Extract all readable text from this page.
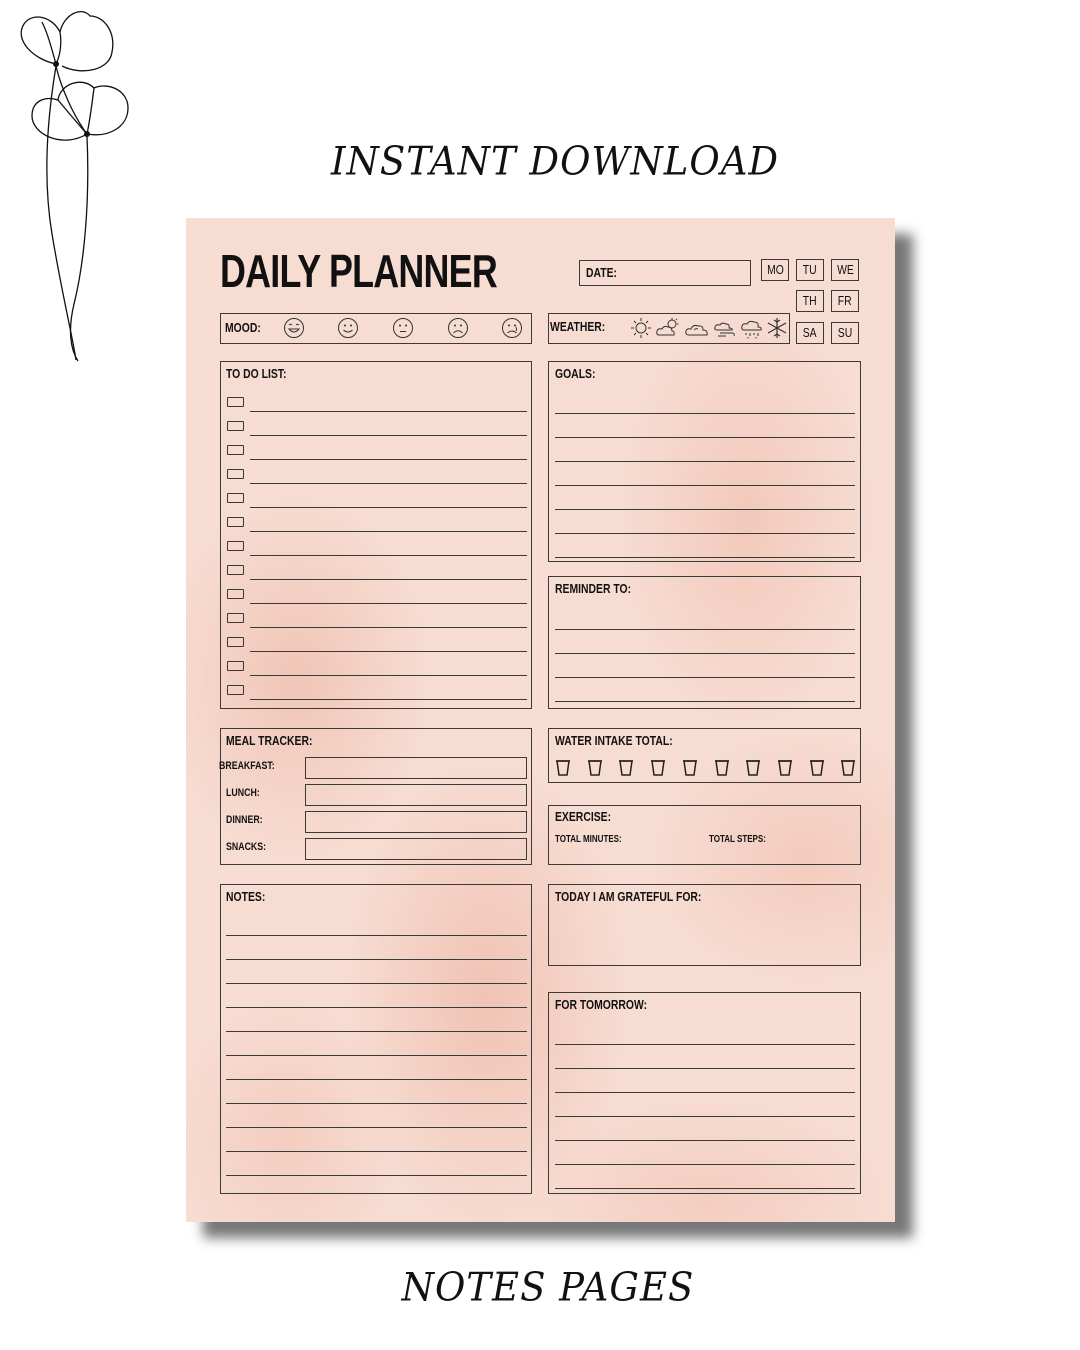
INSTANT DOWNLOAD
DAILY PLANNER	DATE:	MO	TU	WE
TH	FR
SA	SU
MOOD:	WEATHER:
TO DO LIST:	GOALS:
REMINDER TO:
MEAL TRACKER:
BREAKFAST:
LUNCH:
DINNER:
SNACKS:
WATER INTAKE TOTAL:
EXERCISE:
TOTAL MINUTES:	TOTAL STEPS:
NOTES:	TODAY I AM GRATEFUL FOR:
FOR TOMORROW:
NOTES PAGES
